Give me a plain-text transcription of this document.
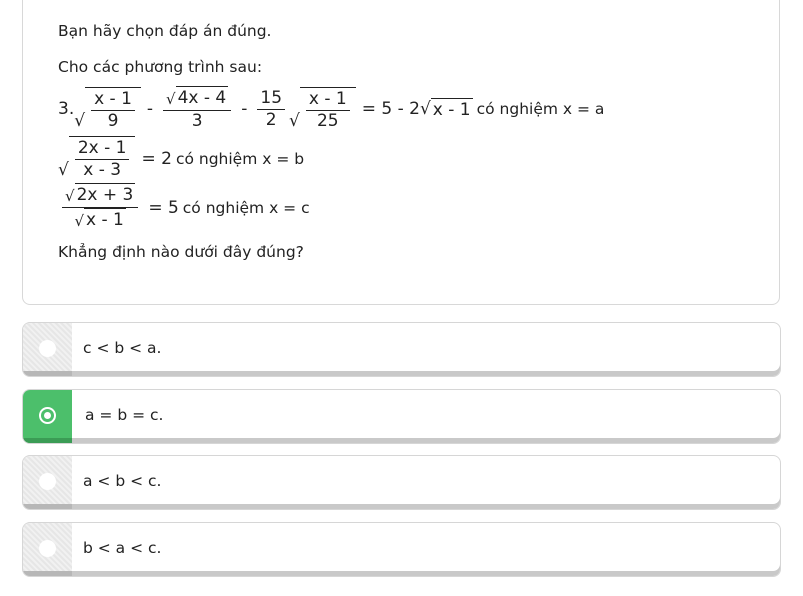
Bạn hãy chọn đáp án đúng.
Cho các phương trình sau:
3.
√ $\frac{x - 1}{9} - \frac{√ 4x - 4}{3} - \frac{15}{2}$ √ $\frac{x - 1}{25} = 5 - 2$ √ x - 1 có nghiệm x = a
√ $\frac{2x - 1}{x - 3} = 2$ có nghiệm x = b
$\frac{√ 2x + 3}{√ x - 1} = 5$ có nghiệm x = c
Khẳng định nào dưới đây đúng?
c < b < a.
a = b = c.
a < b < c.
b < a < c.
